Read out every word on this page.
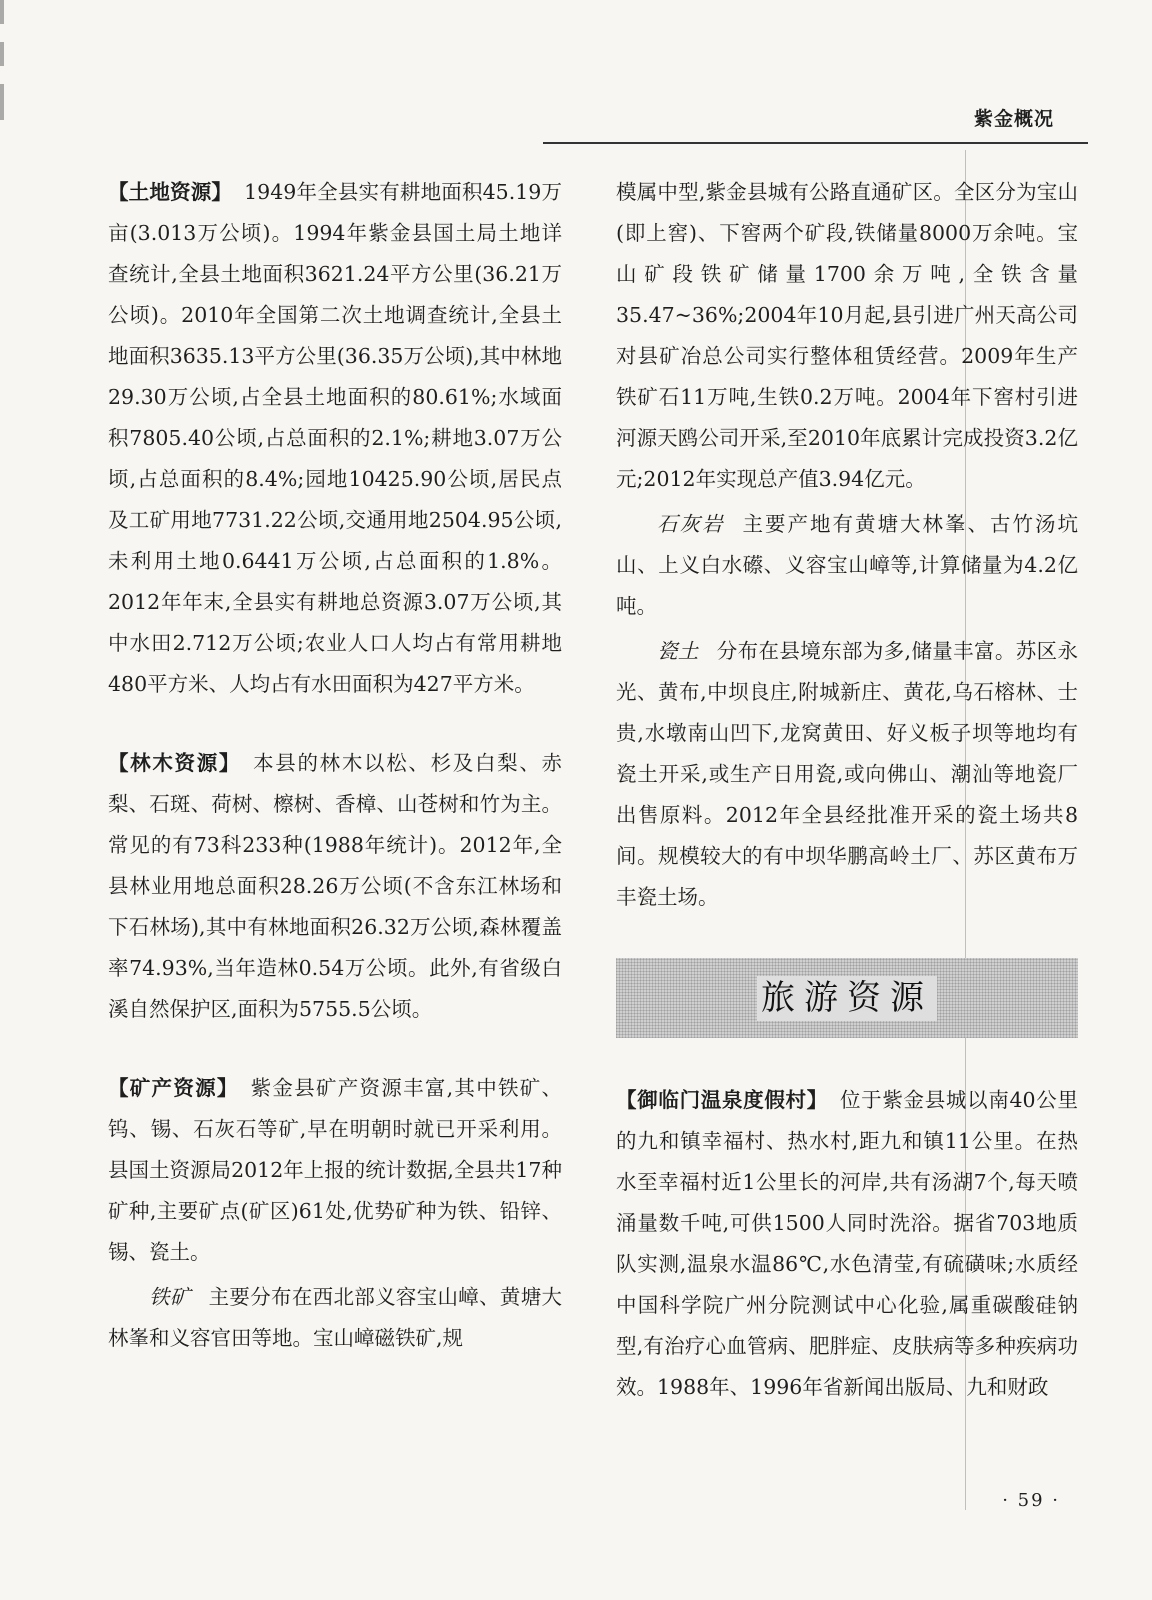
紫金概况

【土地资源】 1949年全县实有耕地面积45.19万亩(3.013万公顷)。1994年紫金县国土局土地详查统计,全县土地面积3621.24平方公里(36.21万公顷)。2010年全国第二次土地调查统计,全县土地面积3635.13平方公里(36.35万公顷),其中林地29.30万公顷,占全县土地面积的80.61%;水域面积7805.40公顷,占总面积的2.1%;耕地3.07万公顷,占总面积的8.4%;园地10425.90公顷,居民点及工矿用地7731.22公顷,交通用地2504.95公顷,未利用土地0.6441万公顷,占总面积的1.8%。2012年年末,全县实有耕地总资源3.07万公顷,其中水田2.712万公顷;农业人口人均占有常用耕地480平方米、人均占有水田面积为427平方米。

【林木资源】 本县的林木以松、杉及白梨、赤梨、石斑、荷树、檫树、香樟、山苍树和竹为主。常见的有73科233种(1988年统计)。2012年,全县林业用地总面积28.26万公顷(不含东江林场和下石林场),其中有林地面积26.32万公顷,森林覆盖率74.93%,当年造林0.54万公顷。此外,有省级白溪自然保护区,面积为5755.5公顷。

【矿产资源】 紫金县矿产资源丰富,其中铁矿、钨、锡、石灰石等矿,早在明朝时就已开采利用。县国土资源局2012年上报的统计数据,全县共17种矿种,主要矿点(矿区)61处,优势矿种为铁、铅锌、锡、瓷土。

铁矿 主要分布在西北部义容宝山嶂、黄塘大林峯和义容官田等地。宝山嶂磁铁矿,规

模属中型,紫金县城有公路直通矿区。全区分为宝山(即上窖)、下窖两个矿段,铁储量8000万余吨。宝山矿段铁矿储量1700余万吨,全铁含量35.47~36%;2004年10月起,县引进广州天高公司对县矿冶总公司实行整体租赁经营。2009年生产铁矿石11万吨,生铁0.2万吨。2004年下窖村引进河源天鸥公司开采,至2010年底累计完成投资3.2亿元;2012年实现总产值3.94亿元。

石灰岩 主要产地有黄塘大林峯、古竹汤坑山、上义白水礤、义容宝山嶂等,计算储量为4.2亿吨。

瓷土 分布在县境东部为多,储量丰富。苏区永光、黄布,中坝良庄,附城新庄、黄花,乌石榕林、士贵,水墩南山凹下,龙窝黄田、好义板子坝等地均有瓷土开采,或生产日用瓷,或向佛山、潮汕等地瓷厂出售原料。2012年全县经批准开采的瓷土场共8间。规模较大的有中坝华鹏高岭土厂、苏区黄布万丰瓷土场。

旅游资源

【御临门温泉度假村】 位于紫金县城以南40公里的九和镇幸福村、热水村,距九和镇11公里。在热水至幸福村近1公里长的河岸,共有汤湖7个,每天喷涌量数千吨,可供1500人同时洗浴。据省703地质队实测,温泉水温86℃,水色清莹,有硫磺味;水质经中国科学院广州分院测试中心化验,属重碳酸硅钠型,有治疗心血管病、肥胖症、皮肤病等多种疾病功效。1988年、1996年省新闻出版局、九和财政

· 59 ·
